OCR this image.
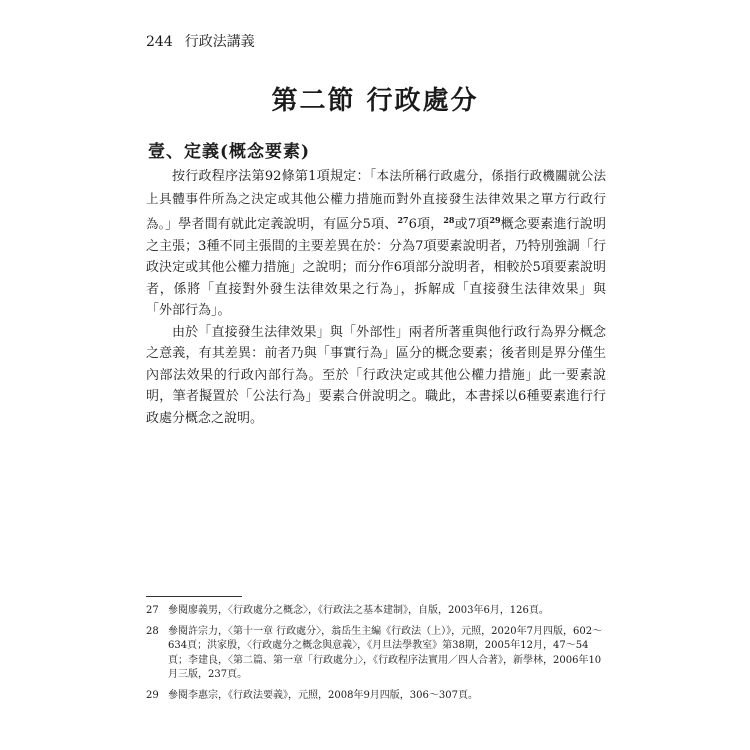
244 行政法講義
第二節 行政處分
壹、定義(概念要素)

按行政程序法第92條第1項規定：「本法所稱行政處分，係指行政機關就公法上具體事件所為之決定或其他公權力措施而對外直接發生法律效果之單方行政行為。」學者間有就此定義說明，有區分5項、$^{27}$6項，$^{28}$或7項$^{29}$概念要素進行說明之主張；3種不同主張間的主要差異在於：分為7項要素說明者，乃特別強調「行政決定或其他公權力措施」之說明；而分作6項部分說明者，相較於5項要素說明者，係將「直接對外發生法律效果之行為」，拆解成「直接發生法律效果」與「外部行為」。

由於「直接發生法律效果」與「外部性」兩者所著重與他行政行為界分概念之意義，有其差異：前者乃與「事實行為」區分的概念要素；後者則是界分僅生內部法效果的行政內部行為。至於「行政決定或其他公權力措施」此一要素說明，筆者擬置於「公法行為」要素合併說明之。職此，本書採以6種要素進行行政處分概念之說明。

27 參閱廖義男，〈行政處分之概念〉，《行政法之基本建制》，自版，2003年6月，126頁。
28 參閱許宗力，〈第十一章 行政處分〉，翁岳生主編《行政法（上）》，元照，2020年7月四版，602～634頁；洪家殷，〈行政處分之概念與意義〉，《月旦法學教室》第38期，2005年12月，47～54頁；李建良，〈第二篇、第一章「行政處分」〉，《行政程序法實用／四人合著》，新學林，2006年10月三版，237頁。
29 參閱李惠宗，《行政法要義》，元照，2008年9月四版，306～307頁。
